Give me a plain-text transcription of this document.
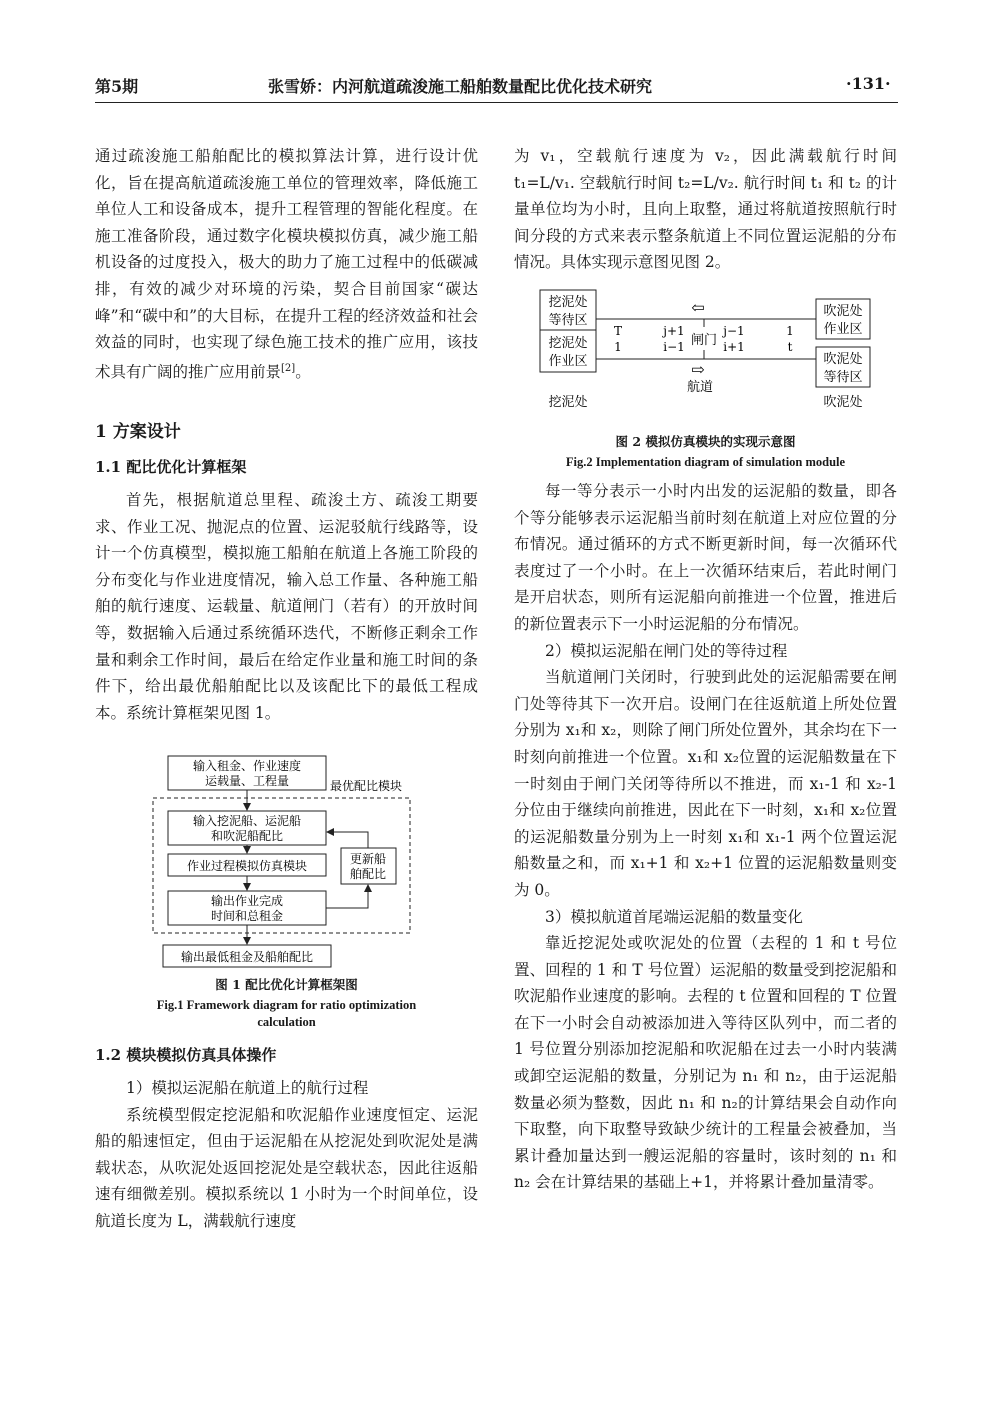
第5期	张雪娇：内河航道疏浚施工船舶数量配比优化技术研究	·131·

通过疏浚施工船舶配比的模拟算法计算，进行设计优化，旨在提高航道疏浚施工单位的管理效率，降低施工单位人工和设备成本，提升工程管理的智能化程度。在施工准备阶段，通过数字化模块模拟仿真，减少施工船机设备的过度投入，极大的助力了施工过程中的低碳减排，有效的减少对环境的污染，契合目前国家“碳达峰”和“碳中和”的大目标，在提升工程的经济效益和社会效益的同时，也实现了绿色施工技术的推广应用，该技术具有广阔的推广应用前景[2]。

1 方案设计
1.1 配比优化计算框架

首先，根据航道总里程、疏浚土方、疏浚工期要求、作业工况、抛泥点的位置、运泥驳航行线路等，设计一个仿真模型，模拟施工船舶在航道上各施工阶段的分布变化与作业进度情况，输入总工作量、各种施工船舶的航行速度、运载量、航道闸门（若有）的开放时间等，数据输入后通过系统循环迭代，不断修正剩余工作量和剩余工作时间，最后在给定作业量和施工时间的条件下，给出最优船舶配比以及该配比下的最低工程成本。系统计算框架见图 1。

最优配比模块
输入租金、作业速度
运载量、工程量
输入挖泥船、运泥船
和吹泥船配比
作业过程模拟仿真模块
输出作业完成
时间和总租金
更新船
舶配比
输出最低租金及船舶配比
图 1 配比优化计算框架图
Fig.1 Framework diagram for ratio optimization
calculation
1.2 模块模拟仿真具体操作

1）模拟运泥船在航道上的航行过程

系统模型假定挖泥船和吹泥船作业速度恒定、运泥船的船速恒定，但由于运泥船在从挖泥处到吹泥处是满载状态，从吹泥处返回挖泥处是空载状态，因此往返船速有细微差别。模拟系统以 1 小时为一个时间单位，设航道长度为 L，满载航行速度

为 v₁，空载航行速度为 v₂，因此满载航行时间 t₁=L/v₁. 空载航行时间 t₂=L/v₂. 航行时间 t₁ 和 t₂ 的计量单位均为小时，且向上取整，通过将航道按照航行时间分段的方式来表示整条航道上不同位置运泥船的分布情况。具体实现示意图见图 2。

挖泥处
等待区
挖泥处
作业区
挖泥处
吹泥处
作业区
吹泥处
等待区
吹泥处
T
1
j+1
i−1 闸门
j−1
i+1
1
t
⇦
⇨
航道
图 2 模拟仿真模块的实现示意图
Fig.2 Implementation diagram of simulation module

每一等分表示一小时内出发的运泥船的数量，即各个等分能够表示运泥船当前时刻在航道上对应位置的分布情况。通过循环的方式不断更新时间，每一次循环代表度过了一个小时。在上一次循环结束后，若此时闸门是开启状态，则所有运泥船向前推进一个位置，推进后的新位置表示下一小时运泥船的分布情况。

2）模拟运泥船在闸门处的等待过程

当航道闸门关闭时，行驶到此处的运泥船需要在闸门处等待其下一次开启。设闸门在往返航道上所处位置分别为 x₁和 x₂，则除了闸门所处位置外，其余均在下一时刻向前推进一个位置。x₁和 x₂位置的运泥船数量在下一时刻由于闸门关闭等待所以不推进，而 x₁-1 和 x₂-1 分位由于继续向前推进，因此在下一时刻，x₁和 x₂位置的运泥船数量分别为上一时刻 x₁和 x₁-1 两个位置运泥船数量之和，而 x₁+1 和 x₂+1 位置的运泥船数量则变为 0。

3）模拟航道首尾端运泥船的数量变化

靠近挖泥处或吹泥处的位置（去程的 1 和 t 号位置、回程的 1 和 T 号位置）运泥船的数量受到挖泥船和吹泥船作业速度的影响。去程的 t 位置和回程的 T 位置在下一小时会自动被添加进入等待区队列中，而二者的 1 号位置分别添加挖泥船和吹泥船在过去一小时内装满或卸空运泥船的数量，分别记为 n₁ 和 n₂，由于运泥船数量必须为整数，因此 n₁ 和 n₂的计算结果会自动作向下取整，向下取整导致缺少统计的工程量会被叠加，当累计叠加量达到一艘运泥船的容量时，该时刻的 n₁ 和 n₂ 会在计算结果的基础上+1，并将累计叠加量清零。
